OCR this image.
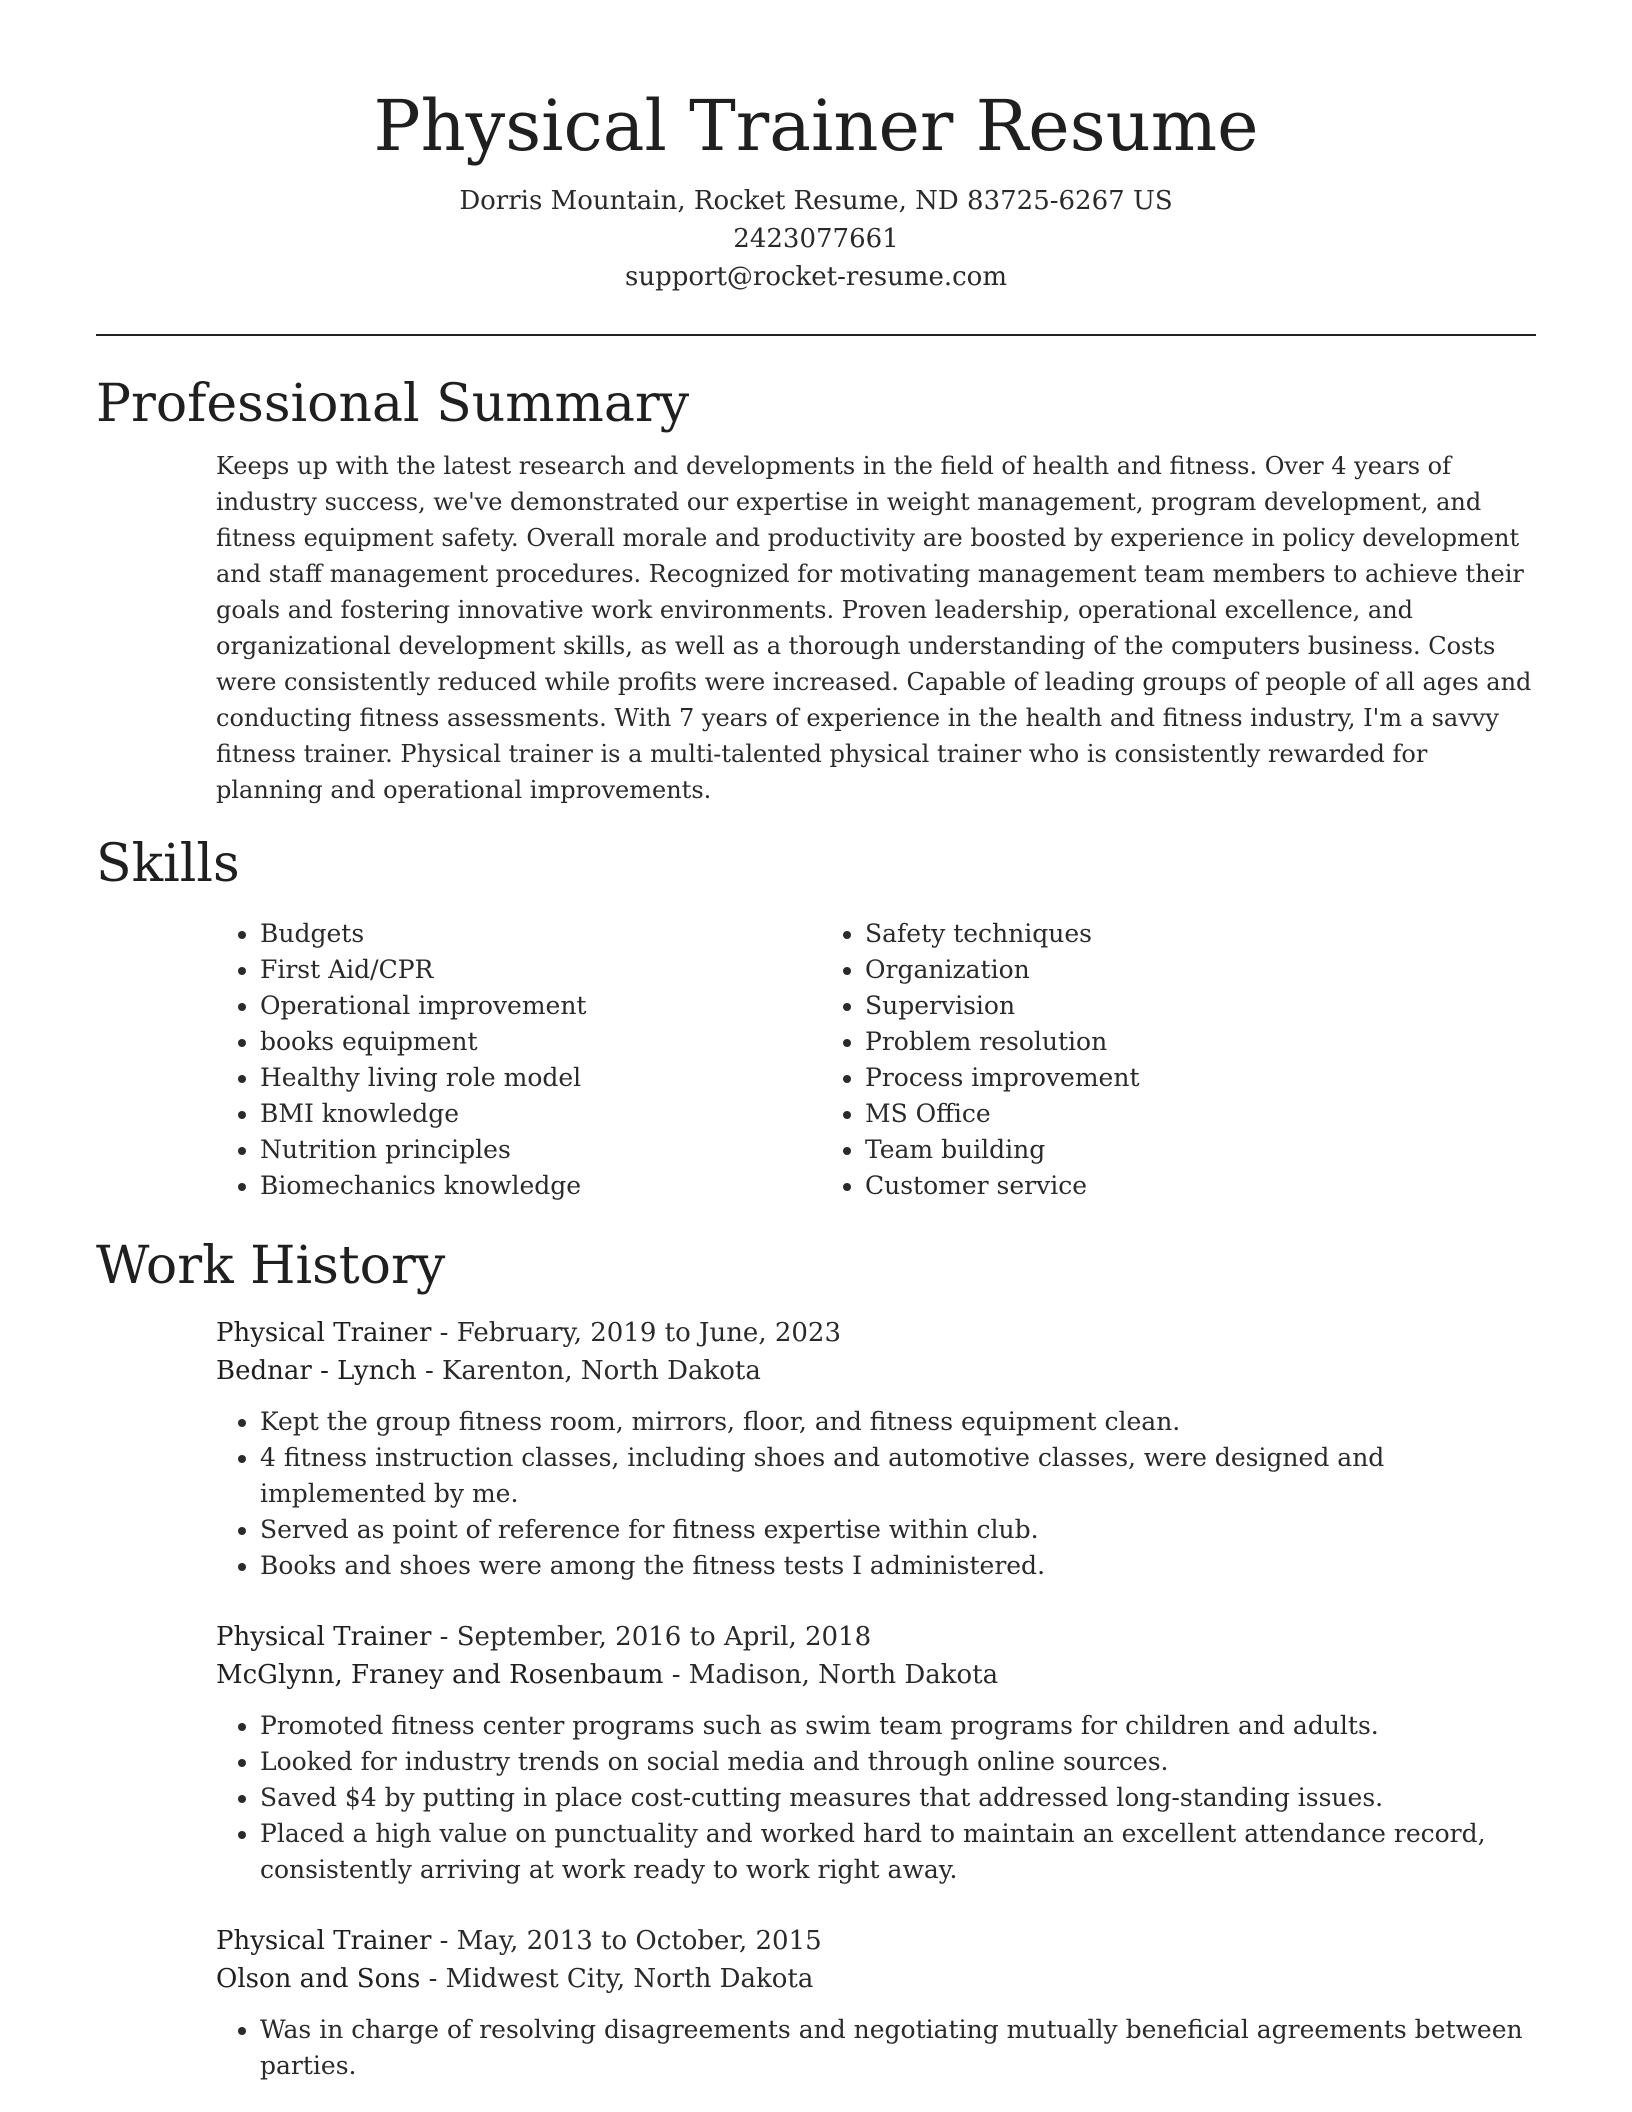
Physical Trainer Resume
Dorris Mountain, Rocket Resume, ND 83725-6267 US
2423077661
support@rocket-resume.com
Professional Summary

Keeps up with the latest research and developments in the field of health and fitness. Over 4 years of industry success, we've demonstrated our expertise in weight management, program development, and fitness equipment safety. Overall morale and productivity are boosted by experience in policy development and staff management procedures. Recognized for motivating management team members to achieve their goals and fostering innovative work environments. Proven leadership, operational excellence, and organizational development skills, as well as a thorough understanding of the computers business. Costs were consistently reduced while profits were increased. Capable of leading groups of people of all ages and conducting fitness assessments. With 7 years of experience in the health and fitness industry, I'm a savvy fitness trainer. Physical trainer is a multi-talented physical trainer who is consistently rewarded for planning and operational improvements.

Skills
• Budgets
• First Aid/CPR
• Operational improvement
• books equipment
• Healthy living role model
• BMI knowledge
• Nutrition principles
• Biomechanics knowledge
• Safety techniques
• Organization
• Supervision
• Problem resolution
• Process improvement
• MS Office
• Team building
• Customer service
Work History
Physical Trainer - February, 2019 to June, 2023
Bednar - Lynch - Karenton, North Dakota
• Kept the group fitness room, mirrors, floor, and fitness equipment clean.
• 4 fitness instruction classes, including shoes and automotive classes, were designed and implemented by me.
• Served as point of reference for fitness expertise within club.
• Books and shoes were among the fitness tests I administered.
Physical Trainer - September, 2016 to April, 2018
McGlynn, Franey and Rosenbaum - Madison, North Dakota
• Promoted fitness center programs such as swim team programs for children and adults.
• Looked for industry trends on social media and through online sources.
• Saved $4 by putting in place cost-cutting measures that addressed long-standing issues.
• Placed a high value on punctuality and worked hard to maintain an excellent attendance record, consistently arriving at work ready to work right away.
Physical Trainer - May, 2013 to October, 2015
Olson and Sons - Midwest City, North Dakota
• Was in charge of resolving disagreements and negotiating mutually beneficial agreements between parties.
